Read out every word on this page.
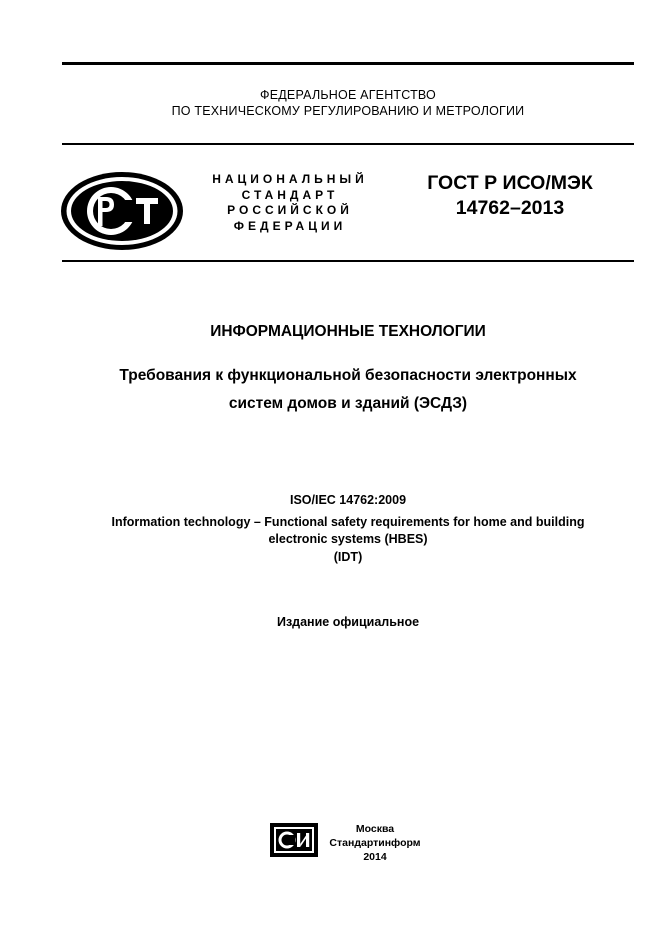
ФЕДЕРАЛЬНОЕ АГЕНТСТВО
ПО ТЕХНИЧЕСКОМУ РЕГУЛИРОВАНИЮ И МЕТРОЛОГИИ
НАЦИОНАЛЬНЫЙ
СТАНДАРТ
РОССИЙСКОЙ
ФЕДЕРАЦИИ
ГОСТ Р ИСО/МЭК
14762–2013
ИНФОРМАЦИОННЫЕ ТЕХНОЛОГИИ
Требования к функциональной безопасности электронных
систем домов и зданий (ЭСДЗ)
ISO/IEC 14762:2009
Information technology – Functional safety requirements for home and building
electronic systems (HBES)
(IDT)
Издание официальное
Москва
Стандартинформ
2014
